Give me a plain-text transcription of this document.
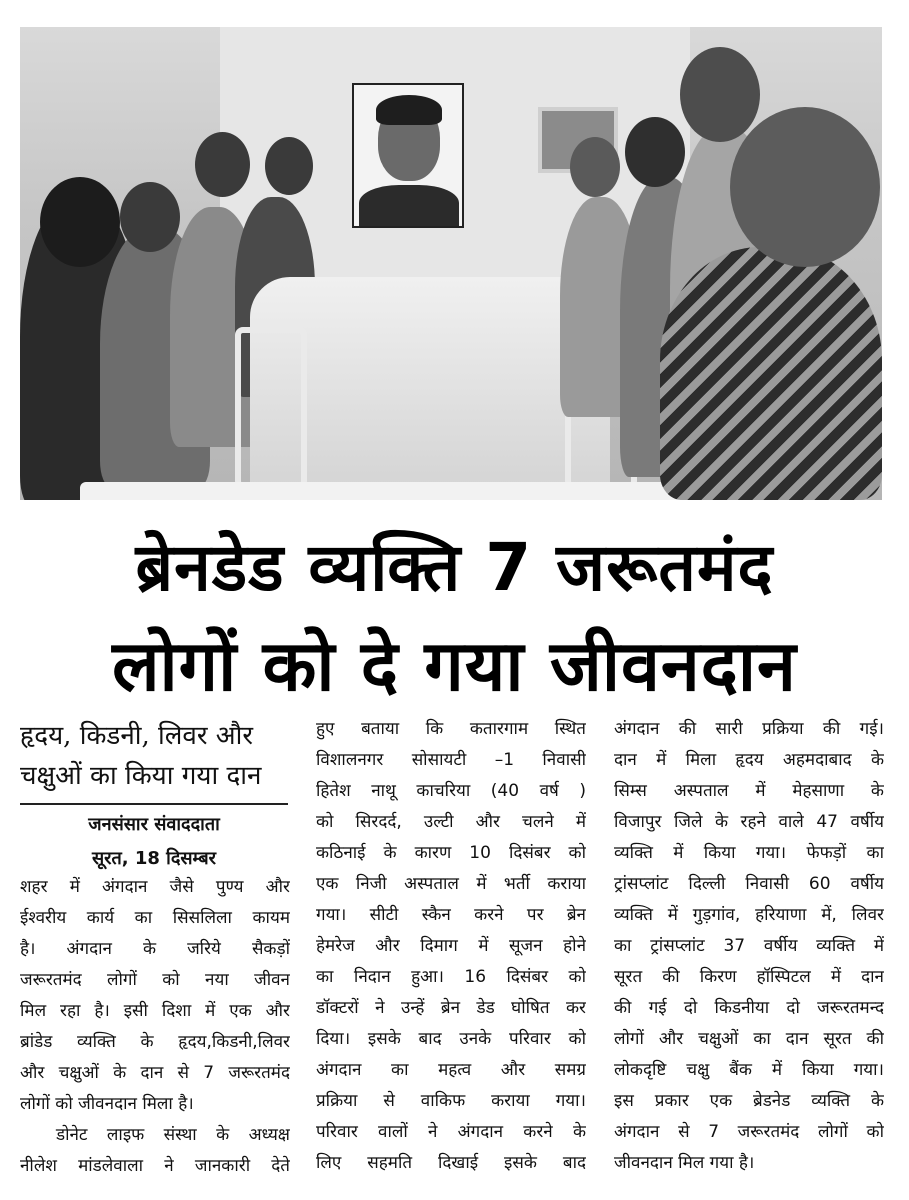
ब्रेनडेड व्यक्ति 7 जरूतमंद
लोगों को दे गया जीवनदान
हृदय, किडनी, लिवर और
चक्षुओं का किया गया दान
जनसंसार संवाददाता
सूरत, 18 दिसम्बर

शहर में अंगदान जैसे पुण्य और

ईश्वरीय कार्य का सिसलिला कायम

है। अंगदान के जरिये सैकड़ों

जरूरतमंद लोगों को नया जीवन

मिल रहा है। इसी दिशा में एक और

ब्रांडेड व्यक्ति के हृदय,किडनी,लिवर

और चक्षुओं के दान से 7 जरूरतमंद

लोगों को जीवनदान मिला है।

डोनेट लाइफ संस्था के अध्यक्ष

नीलेश मांडलेवाला ने जानकारी देते

हुए बताया कि कतारगाम स्थित

विशालनगर सोसायटी –1 निवासी

हितेश नाथू काचरिया (40 वर्ष )

को सिरदर्द, उल्टी और चलने में

कठिनाई के कारण 10 दिसंबर को

एक निजी अस्पताल में भर्ती कराया

गया। सीटी स्कैन करने पर ब्रेन

हेमरेज और दिमाग में सूजन होने

का निदान हुआ। 16 दिसंबर को

डॉक्टरों ने उन्हें ब्रेन डेड घोषित कर

दिया। इसके बाद उनके परिवार को

अंगदान का महत्व और समग्र

प्रक्रिया से वाकिफ कराया गया।

परिवार वालों ने अंगदान करने के

लिए सहमति दिखाई इसके बाद

अंगदान की सारी प्रक्रिया की गई।

दान में मिला हृदय अहमदाबाद के

सिम्स अस्पताल में मेहसाणा के

विजापुर जिले के रहने वाले 47 वर्षीय

व्यक्ति में किया गया। फेफड़ों का

ट्रांसप्लांट दिल्ली निवासी 60 वर्षीय

व्यक्ति में गुड़गांव, हरियाणा में, लिवर

का ट्रांसप्लांट 37 वर्षीय व्यक्ति में

सूरत की किरण हॉस्पिटल में दान

की गई दो किडनीया दो जरूरतमन्द

लोगों और चक्षुओं का दान सूरत की

लोकदृष्टि चक्षु बैंक में किया गया।

इस प्रकार एक ब्रेडनेड व्यक्ति के

अंगदान से 7 जरूरतमंद लोगों को

जीवनदान मिल गया है।
